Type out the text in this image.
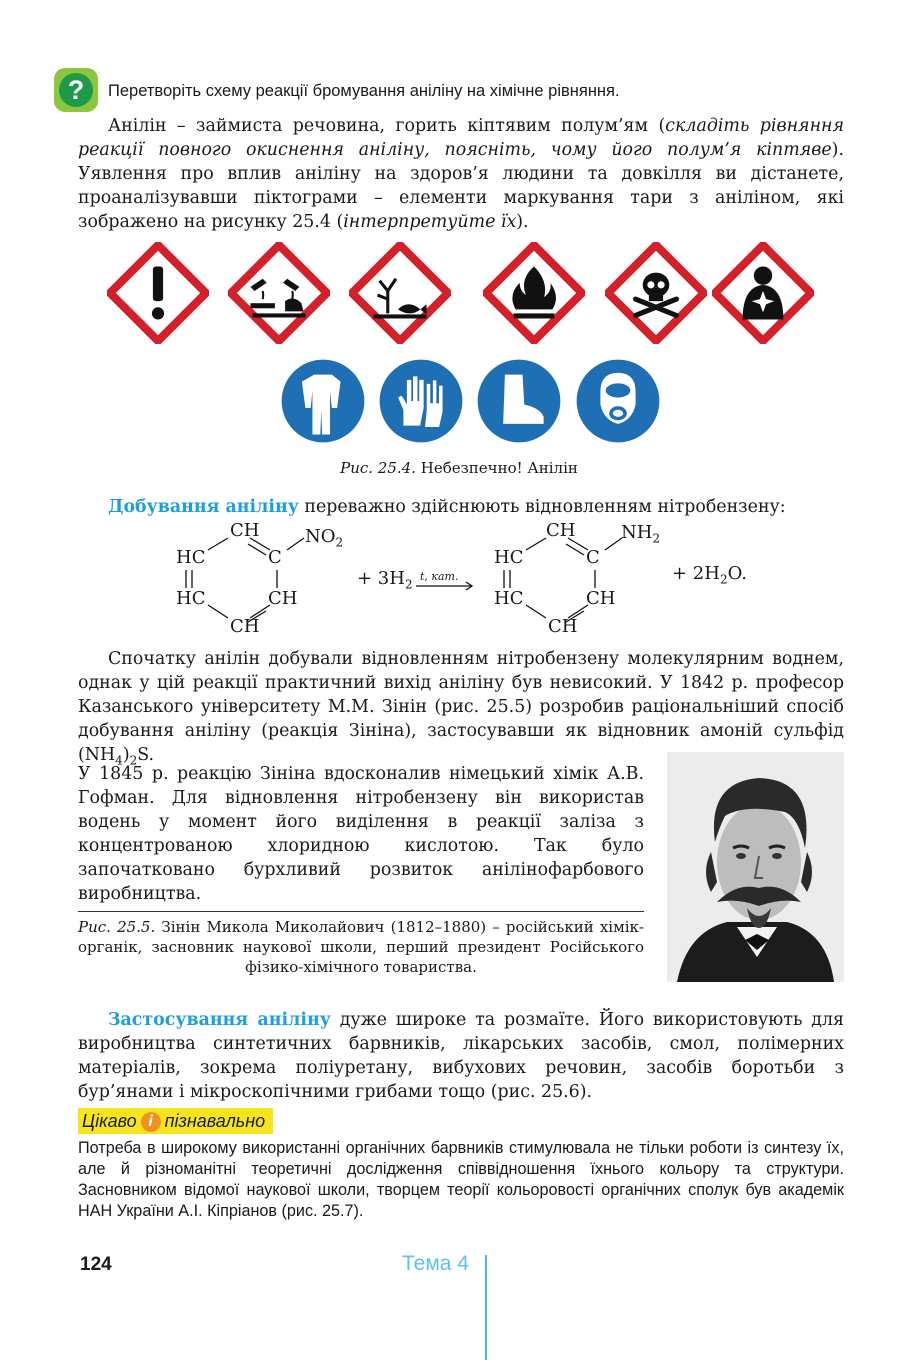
?	Перетворіть схему реакції бромування аніліну на хімічне рівняння.
Анілін – займиста речовина, горить кіптявим полум’ям (складіть рівняння реакції повного окиснення аніліну, поясніть, чому його полум’я кіптяве). Уявлення про вплив аніліну на здоров’я людини та довкілля ви дістанете, проаналізувавши піктограми – елементи маркування тари з аніліном, які зображено на рисунку 25.4 (інтерпретуйте їх).
Рис. 25.4. Небезпечно! Анілін
Добування аніліну переважно здійснюють відновленням нітробензену:
CH	$NO_2$
HC	C
HC	CH
CH
+ $3H_2$
t, кат.
CH	$NH_2$
HC	C
HC	CH
CH
+ $2H_2O$.
Спочатку анілін добували відновленням нітробензену молекулярним воднем, однак у цій реакції практичний вихід аніліну був невисокий. У 1842 р. професор Казанського університету М.М. Зінін (рис. 25.5) розробив раціональніший спосіб добування аніліну (реакція Зініна), застосувавши як відновник амоній сульфід $(NH_4)_2S$.
У 1845 р. реакцію Зініна вдосконалив німецький хімік А.В. Гофман. Для відновлення нітробензену він використав водень у момент його виділення в реакції заліза з концентрованою хлоридною кислотою. Так було започатковано бурхливий розвиток анілінофарбового виробництва.
Рис. 25.5. Зінін Микола Миколайович (1812–1880) – російський хімік-органік, засновник наукової школи, перший президент Російського фізико-хімічного товариства.
Застосування аніліну дуже широке та розмаїте. Його використовують для виробництва синтетичних барвників, лікарських засобів, смол, полімерних матеріалів, зокрема поліуретану, вибухових речовин, засобів боротьби з бур’янами і мікроскопічними грибами тощо (рис. 25.6).
Цікаво і пізнавально
Потреба в широкому використанні органічних барвників стимулювала не тільки роботи із синтезу їх, але й різноманітні теоретичні дослідження співвідношення їхнього кольору та структури. Засновником відомої наукової школи, творцем теорії кольоровості органічних сполук був академік НАН України А.І. Кіпріанов (рис. 25.7).
124	Тема 4
